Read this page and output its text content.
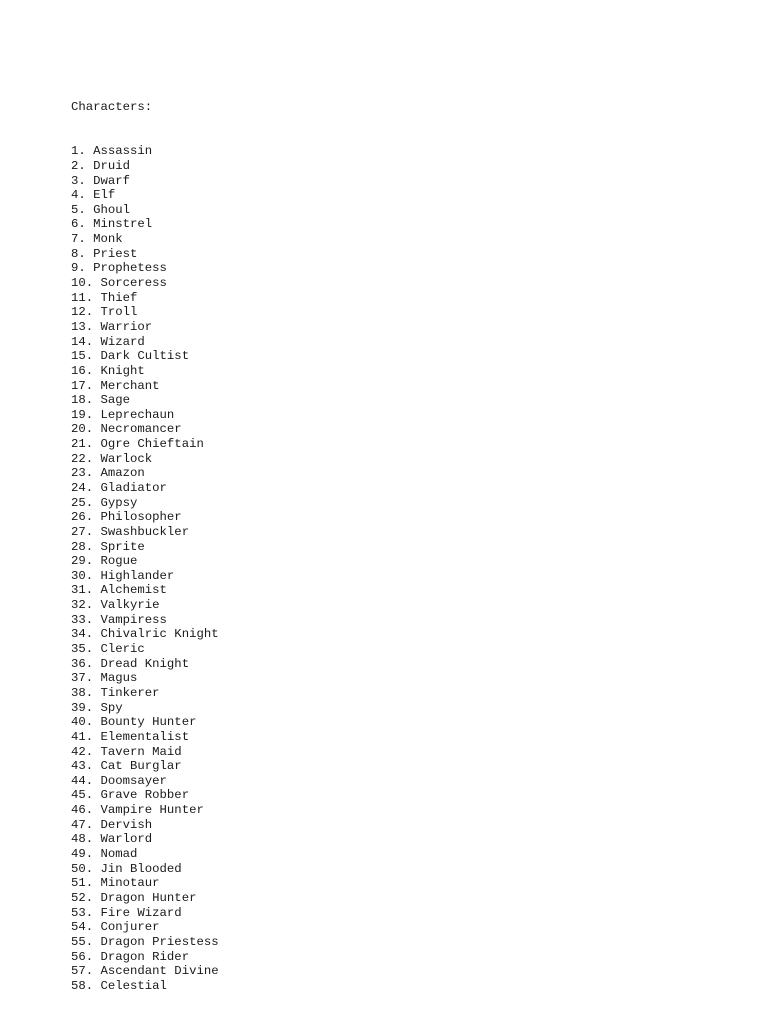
Characters:

1. Assassin
2. Druid
3. Dwarf
4. Elf
5. Ghoul
6. Minstrel
7. Monk
8. Priest
9. Prophetess
10. Sorceress
11. Thief
12. Troll
13. Warrior
14. Wizard
15. Dark Cultist
16. Knight
17. Merchant
18. Sage
19. Leprechaun
20. Necromancer
21. Ogre Chieftain
22. Warlock
23. Amazon
24. Gladiator
25. Gypsy
26. Philosopher
27. Swashbuckler
28. Sprite
29. Rogue
30. Highlander
31. Alchemist
32. Valkyrie
33. Vampiress
34. Chivalric Knight
35. Cleric
36. Dread Knight
37. Magus
38. Tinkerer
39. Spy
40. Bounty Hunter
41. Elementalist
42. Tavern Maid
43. Cat Burglar
44. Doomsayer
45. Grave Robber
46. Vampire Hunter
47. Dervish
48. Warlord
49. Nomad
50. Jin Blooded
51. Minotaur
52. Dragon Hunter
53. Fire Wizard
54. Conjurer
55. Dragon Priestess
56. Dragon Rider
57. Ascendant Divine
58. Celestial
